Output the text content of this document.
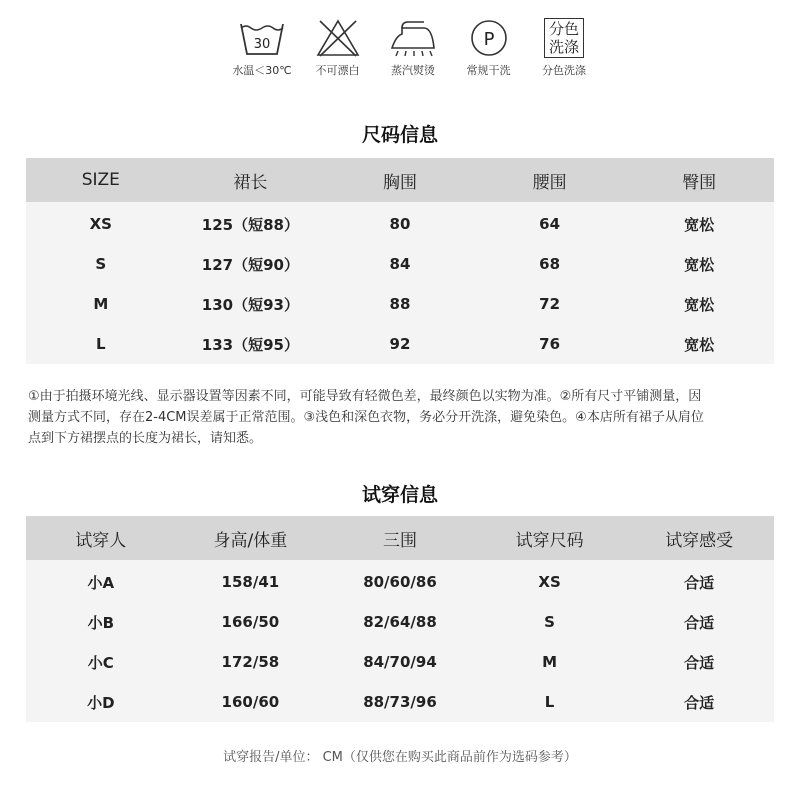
30
水温＜30℃ 不可漂白	蒸汽熨烫
P
常规干洗
分色
洗涤
分色洗涤
尺码信息
SIZE	裙长	胸围	腰围	臀围
XS	125（短88）	80	64	宽松
S	127（短90）	84	68	宽松
M	130（短93）	88	72	宽松
L	133（短95）	92	76	宽松
①由于拍摄环境光线、显示器设置等因素不同，可能导致有轻微色差，最终颜色以实物为准。②所有尺寸平铺测量，因
测量方式不同，存在2-4CM误差属于正常范围。③浅色和深色衣物，务必分开洗涤，避免染色。④本店所有裙子从肩位
点到下方裙摆点的长度为裙长，请知悉。
试穿信息
试穿人	身高/体重	三围	试穿尺码	试穿感受
小A	158/41	80/60/86	XS	合适
小B	166/50	82/64/88	S	合适
小C	172/58	84/70/94	M	合适
小D	160/60	88/73/96	L	合适
试穿报告/单位： CM（仅供您在购买此商品前作为选码参考）
